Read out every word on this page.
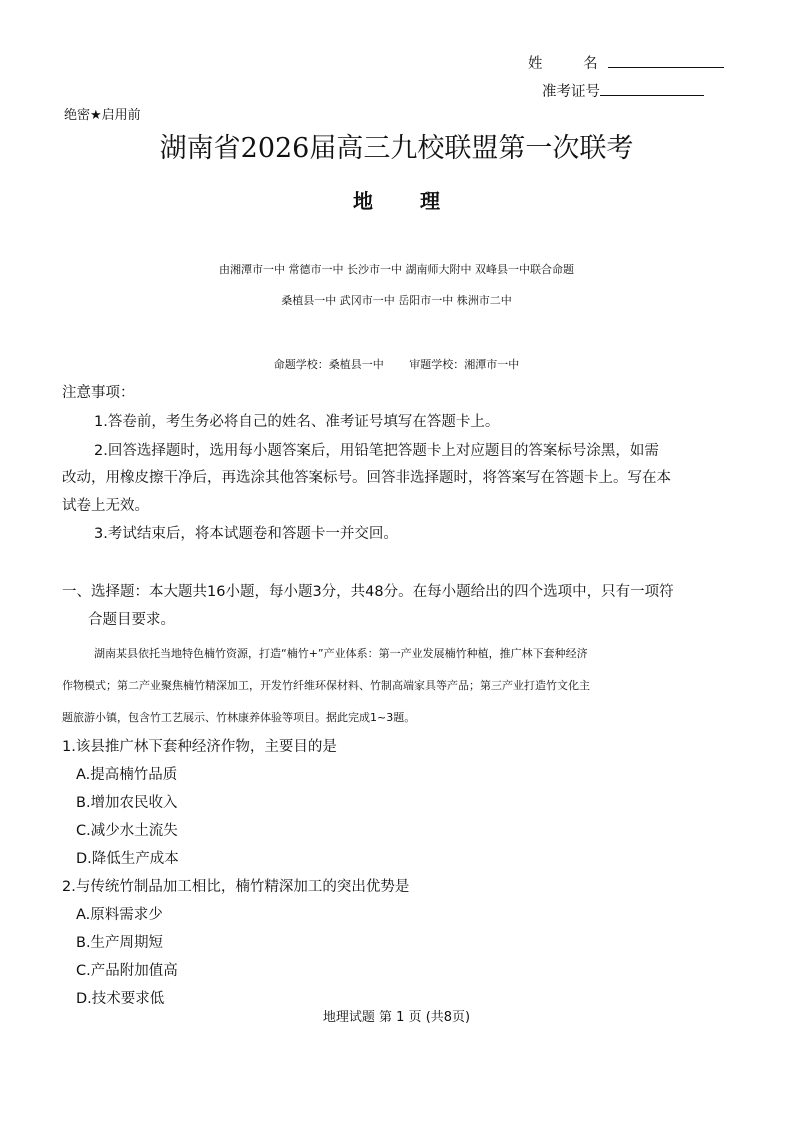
姓 名
准考证号
绝密★启用前
湖南省2026届高三九校联盟第一次联考
地 理
由湘潭市一中 常德市一中 长沙市一中 湖南师大附中 双峰县一中联合命题
桑植县一中 武冈市一中 岳阳市一中 株洲市二中
命题学校：桑植县一中 审题学校：湘潭市一中
注意事项：
1.答卷前，考生务必将自己的姓名、准考证号填写在答题卡上。
2.回答选择题时，选用每小题答案后，用铅笔把答题卡上对应题目的答案标号涂黑，如需
改动，用橡皮擦干净后，再选涂其他答案标号。回答非选择题时，将答案写在答题卡上。写在本
试卷上无效。
3.考试结束后，将本试题卷和答题卡一并交回。
一、选择题：本大题共16小题，每小题3分，共48分。在每小题给出的四个选项中，只有一项符
合题目要求。
湖南某县依托当地特色楠竹资源，打造“楠竹+”产业体系：第一产业发展楠竹种植，推广林下套种经济
作物模式；第二产业聚焦楠竹精深加工，开发竹纤维环保材料、竹制高端家具等产品；第三产业打造竹文化主
题旅游小镇，包含竹工艺展示、竹林康养体验等项目。据此完成1~3题。
1.该县推广林下套种经济作物，主要目的是
A.提高楠竹品质
B.增加农民收入
C.减少水土流失
D.降低生产成本
2.与传统竹制品加工相比，楠竹精深加工的突出优势是
A.原料需求少
B.生产周期短
C.产品附加值高
D.技术要求低
地理试题 第 1 页 (共8页)
